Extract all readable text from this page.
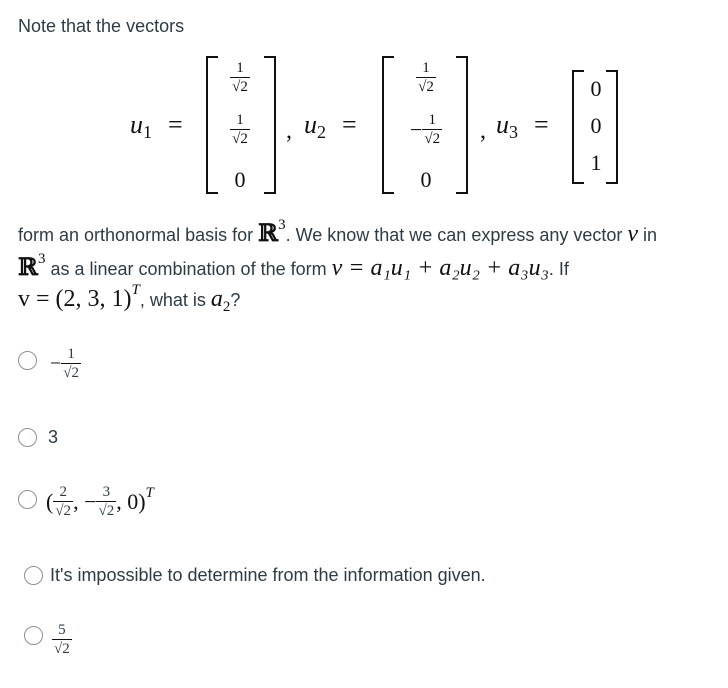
Note that the vectors
u1 =
$\frac{1}{√2}$
$\frac{1}{√2}$
0
, u2 =
$\frac{1}{√2}$
− $\frac{1}{√2}$
0
, u3 =
0
0
1
form an orthonormal basis for ℝ$^3$. We know that we can express any vector v in
ℝ$^3$ as a linear combination of the form v = a₁u₁ + a₂u₂ + a₃u₃. If
v = (2, 3, 1)$^T$, what is $a_2$?
− $\frac{1}{√2}$
3
( $\frac{2}{√2}$ , − $\frac{3}{√2}$ , 0)$^T$
It's impossible to determine from the information given.
$\frac{5}{√2}$
